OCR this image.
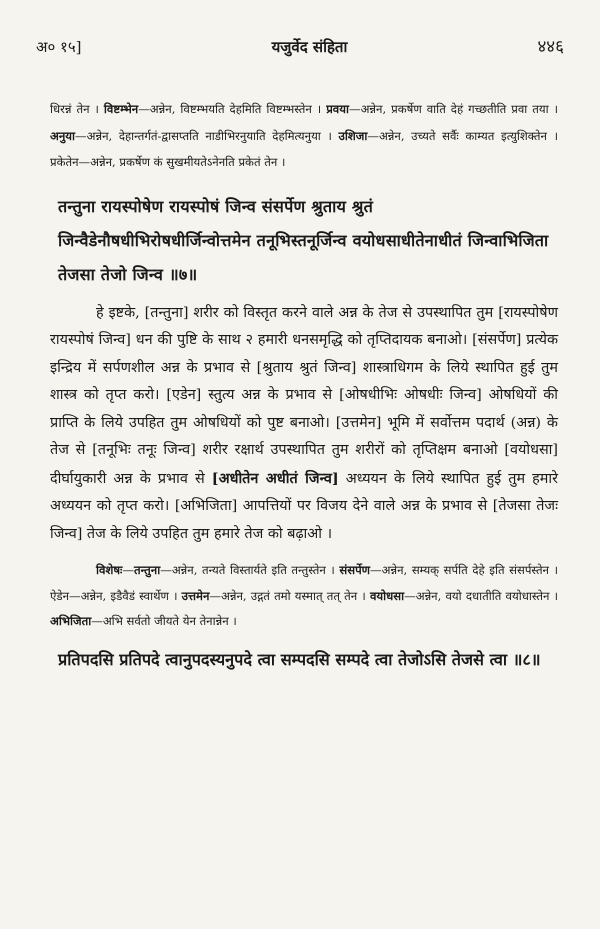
अ० १५]	यजुर्वेद संहिता	४४६

धिरन्नं तेन । विष्टम्भेन—अन्नेन, विष्टम्भयति देहमिति विष्टम्भस्तेन । प्रवया—अन्नेन, प्रकर्षेण वाति देहं गच्छतीति प्रवा तया । अनुया—अन्नेन, देहान्तर्गतं-द्वासप्तति नाडीभिरनुयाति देहमित्यनुया । उशिजा—अन्नेन, उच्यते सर्वैः काम्यत इत्युशिक्तेन । प्रकेतेन—अन्नेन, प्रकर्षेण कं सुखमीयतेऽनेनति प्रकेतं तेन ।

तन्तुना रायस्पोषेण रायस्पोषं जिन्व संसर्पेण श्रुताय श्रुतं जिन्वैडेनौषधीभिरोषधीर्जिन्वोत्तमेन तनूभिस्तनूर्जिन्व वयोधसाधीतेनाधीतं जिन्वाभिजिता तेजसा तेजो जिन्व ॥७॥

हे इष्टके, [तन्तुना] शरीर को विस्तृत करने वाले अन्न के तेज से उपस्थापित तुम [रायस्पोषेण रायस्पोषं जिन्व] धन की पुष्टि के साथ २ हमारी धनसमृद्धि को तृप्तिदायक बनाओ। [संसर्पेण] प्रत्येक इन्द्रिय में सर्पणशील अन्न के प्रभाव से [श्रुताय श्रुतं जिन्व] शास्त्राधिगम के लिये स्थापित हुई तुम शास्त्र को तृप्त करो। [एडेन] स्तुत्य अन्न के प्रभाव से [ओषधीभिः ओषधीः जिन्व] ओषधियों की प्राप्ति के लिये उपहित तुम ओषधियों को पुष्ट बनाओ। [उत्तमेन] भूमि में सर्वोत्तम पदार्थ (अन्न) के तेज से [तनूभिः तनूः जिन्व] शरीर रक्षार्थ उपस्थापित तुम शरीरों को तृप्तिक्षम बनाओ [वयोधसा] दीर्घायुकारी अन्न के प्रभाव से [अधीतेन अधीतं जिन्व] अध्ययन के लिये स्थापित हुई तुम हमारे अध्ययन को तृप्त करो। [अभिजिता] आपत्तियों पर विजय देने वाले अन्न के प्रभाव से [तेजसा तेजः जिन्व] तेज के लिये उपहित तुम हमारे तेज को बढ़ाओ ।

विशेषः—तन्तुना—अन्नेन, तन्यते विस्तार्यते इति तन्तुस्तेन । संसर्पेण—अन्नेन, सम्यक् सर्पति देहे इति संसर्पस्तेन । ऐडेन—अन्नेन, इडैवैडं स्वार्थेण । उत्तमेन—अन्नेन, उद्गतं तमो यस्मात् तत् तेन । वयोधसा—अन्नेन, वयो दधातीति वयोधास्तेन । अभिजिता—अभि सर्वतो जीयते येन तेनान्नेन ।

प्रतिपदसि प्रतिपदे त्वानुपदस्यनुपदे त्वा सम्पदसि सम्पदे त्वा तेजोऽसि तेजसे त्वा ॥८॥
